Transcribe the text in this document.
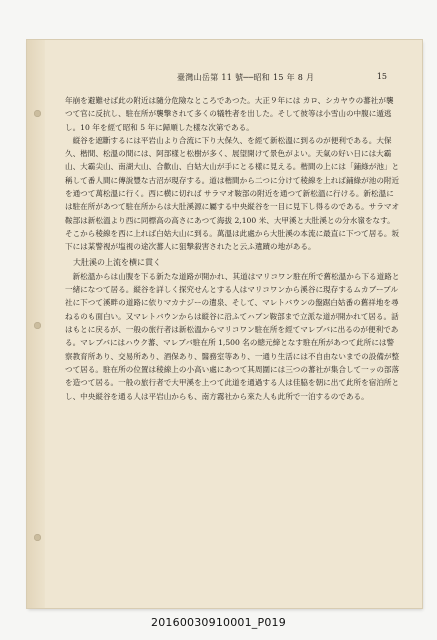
臺灣山岳第 11 號──昭和 15 年 8 月	15

年崩を避難せば此の附近は隨分危險なところであつた。大正９年には カロ、シカヤウの蕃社が襲つて官に反抗し、駐在所が襲撃されて多くの犠牲者を出した。そして彼等は小雪山の中腹に遁逃し。10 年を經て昭和 5 年に歸順した樣な次第である。

縦谷を遮斷するには平岩山より合流に下り大保久、を經て新松溫に到るのが便利である。大保久、楷間、松溫の間には、阿部樣と松樹が多く、展望開けて景色がよい。天氣の好い日には大霸山、大霸尖山、南湖大山、合歡山、白姑大山が手にとる樣に見える。楷間の上には「鋪綠が池」と稱して番人間に傳說豐な古沼が現存する。道は楷間から二つに分けて稜線を上れば鋪綠が池の附近を通つて萬松溫に行く。西に横に切れば サラマオ鞍部の附近を通つて新松溫に行ける。新松溫には駐在所があつて駐在所からは大肚溪源に屬する中央縦谷を一目に見下し得るのである。サラマオ鞍部は新松溫より西に同標高の高さにあつて海拔 2,100 米、大甲溪と大肚溪との分水嶺をなす。そこから稜線を西に上れば白姑大山に到る。萬溫は此處から大肚溪の本流に最直に下つて居る。坂下には某警視が塩視の途次蕃人に狙撃殺害されたと云ふ遺蹟の地がある。

大肚溪の上流を横に貫く

新松溫からは山腹を下る新たな道路が開かれ、其道はマリコワン駐在所で舊松溫から下る道路と一緒になつて居る。縦谷を詳しく探究せんとする人はマリコワンから溪谷に現存するムカブーブル社に下つて溪畔の道路に依りマカナジーの遺泉、そして、マレトバウンの盤踞白姑番の舊祥地を尋ねるのも面白い。又マレトバウンからは縦谷に沿ふてハブン鞍部まで立派な道が開かれて居る。話はもとに戻るが、一般の旅行者は新松溫からマリコワン駐在所を經てマレブバに出るのが便利である。マレブバにはハウク蕃、マレブバ駐在所 1,500 名の總元締となす駐在所があつて此所には警察教育所あり、交易所あり、酒保あり、醫務室等あり、一通り生活には不自由ないまでの設備が整つて居る。駐在所の位置は稜線上の小高い處にあつて其周圍には三つの蕃社が集合して一ッの部落を造つて居る。一般の旅行者で大甲溪を上つて此道を通過する人は佳脇を朝に出て此所を宿泊所とし、中央縦谷を通る人は平岩山からも、南方霧社から來た人も此所で一泊するのである。

20160030910001_P019
